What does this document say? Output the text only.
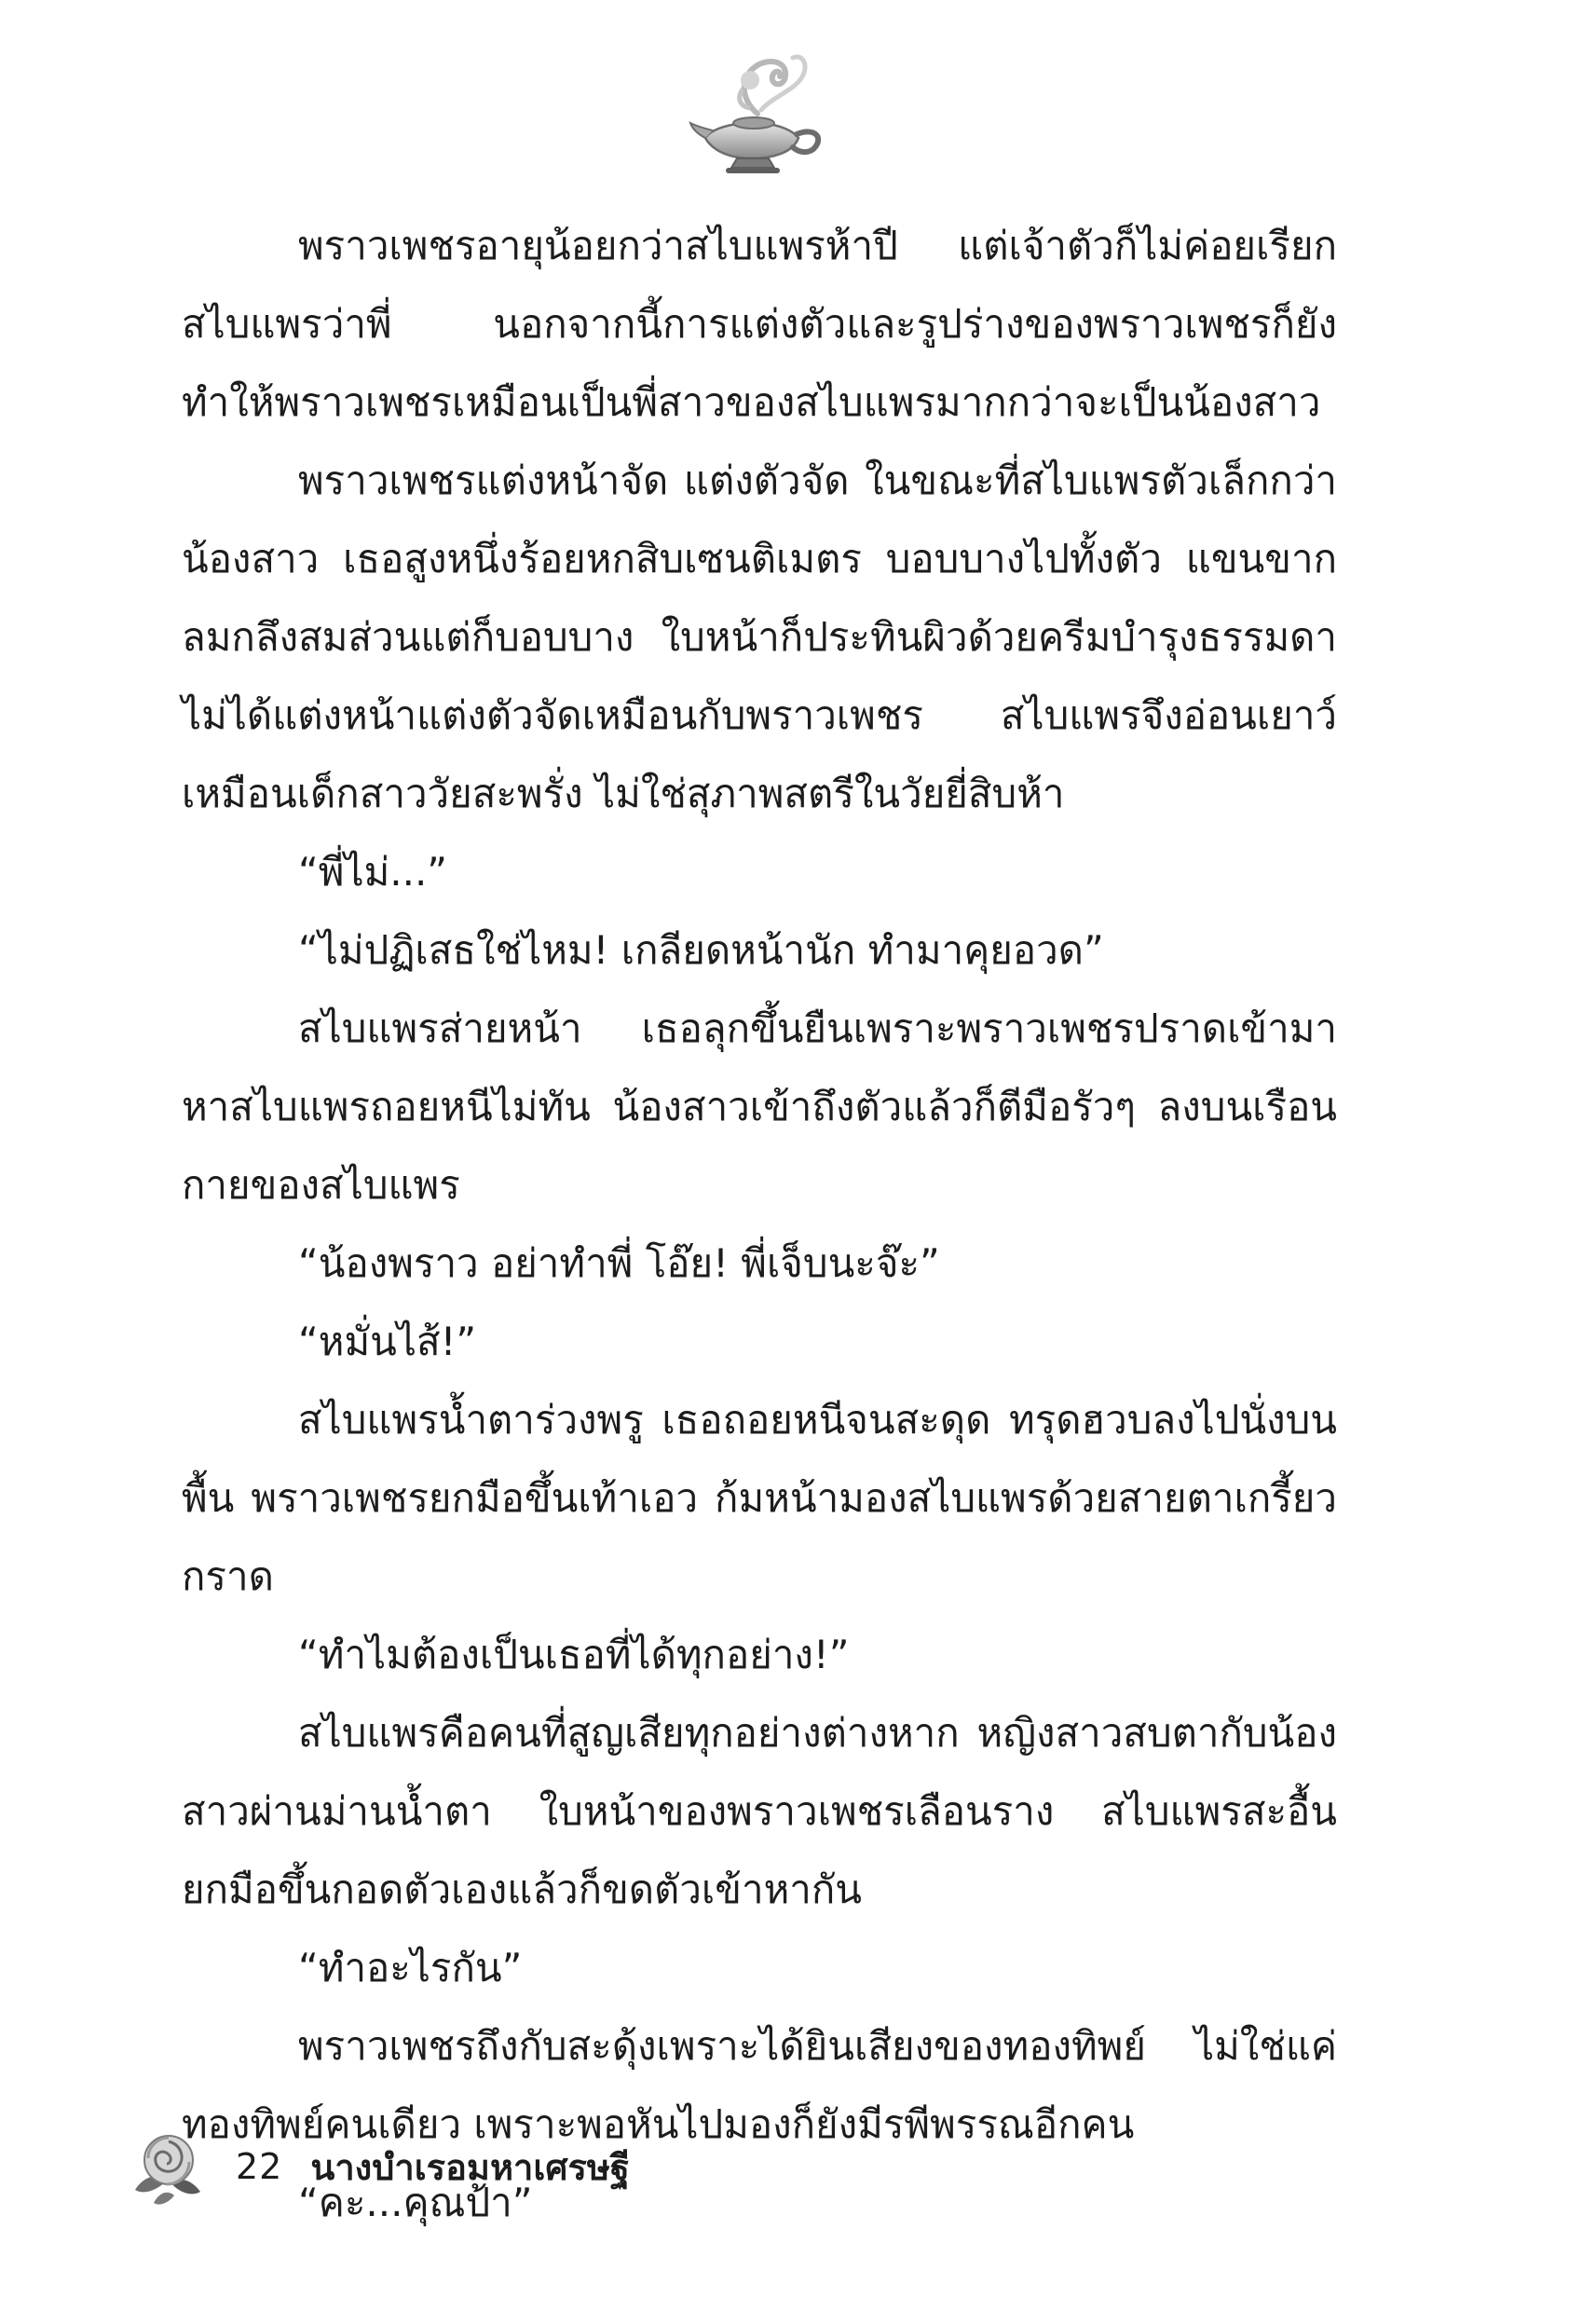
พราวเพชรอายุน้อยกว่าสไบแพรห้าปี แต่เจ้าตัวก็ไม่ค่อยเรียกสไบแพรว่าพี่ นอกจากนี้การแต่งตัวและรูปร่างของพราวเพชรก็ยังทำให้พราวเพชรเหมือนเป็นพี่สาวของสไบแพรมากกว่าจะเป็นน้องสาว

พราวเพชรแต่งหน้าจัด แต่งตัวจัด ในขณะที่สไบแพรตัวเล็กกว่าน้องสาว เธอสูงหนึ่งร้อยหกสิบเซนติเมตร บอบบางไปทั้งตัว แขนขากลมกลึงสมส่วนแต่ก็บอบบาง ใบหน้าก็ประทินผิวด้วยครีมบำรุงธรรมดาไม่ได้แต่งหน้าแต่งตัวจัดเหมือนกับพราวเพชร สไบแพรจึงอ่อนเยาว์เหมือนเด็กสาววัยสะพรั่ง ไม่ใช่สุภาพสตรีในวัยยี่สิบห้า

“พี่ไม่...”

“ไม่ปฏิเสธใช่ไหม! เกลียดหน้านัก ทำมาคุยอวด”

สไบแพรส่ายหน้า เธอลุกขึ้นยืนเพราะพราวเพชรปราดเข้ามาหาสไบแพรถอยหนีไม่ทัน น้องสาวเข้าถึงตัวแล้วก็ตีมือรัวๆ ลงบนเรือนกายของสไบแพร

“น้องพราว อย่าทำพี่ โอ๊ย! พี่เจ็บนะจ๊ะ”

“หมั่นไส้!”

สไบแพรน้ำตาร่วงพรู เธอถอยหนีจนสะดุด ทรุดฮวบลงไปนั่งบนพื้น พราวเพชรยกมือขึ้นเท้าเอว ก้มหน้ามองสไบแพรด้วยสายตาเกรี้ยวกราด

“ทำไมต้องเป็นเธอที่ได้ทุกอย่าง!”

สไบแพรคือคนที่สูญเสียทุกอย่างต่างหาก หญิงสาวสบตากับน้องสาวผ่านม่านน้ำตา ใบหน้าของพราวเพชรเลือนราง สไบแพรสะอื้นยกมือขึ้นกอดตัวเองแล้วก็ขดตัวเข้าหากัน

“ทำอะไรกัน”

พราวเพชรถึงกับสะดุ้งเพราะได้ยินเสียงของทองทิพย์ ไม่ใช่แค่ทองทิพย์คนเดียว เพราะพอหันไปมองก็ยังมีรพีพรรณอีกคน

“คะ...คุณป้า”

22 นางบำเรอมหาเศรษฐี
